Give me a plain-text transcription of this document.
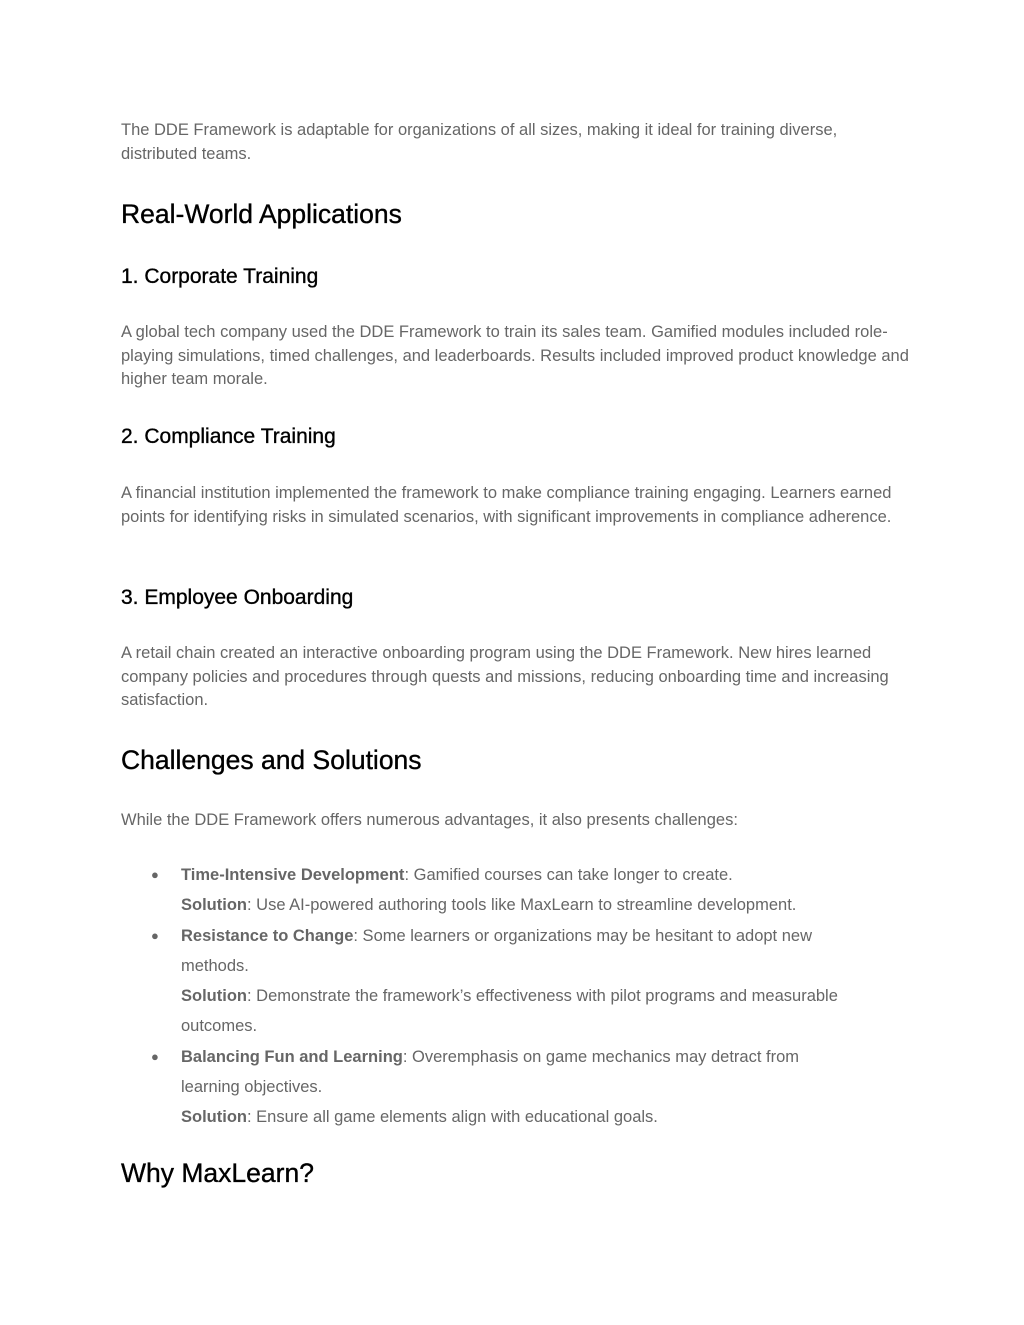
The DDE Framework is adaptable for organizations of all sizes, making it ideal for training diverse, distributed teams.

Real-World Applications
1. Corporate Training

A global tech company used the DDE Framework to train its sales team. Gamified modules included role-playing simulations, timed challenges, and leaderboards. Results included improved product knowledge and higher team morale.

2. Compliance Training

A financial institution implemented the framework to make compliance training engaging. Learners earned points for identifying risks in simulated scenarios, with significant improvements in compliance adherence.

3. Employee Onboarding

A retail chain created an interactive onboarding program using the DDE Framework. New hires learned company policies and procedures through quests and missions, reducing onboarding time and increasing satisfaction.

Challenges and Solutions

While the DDE Framework offers numerous advantages, it also presents challenges:

● Time-Intensive Development: Gamified courses can take longer to create.
Solution: Use AI-powered authoring tools like MaxLearn to streamline development.
● Resistance to Change: Some learners or organizations may be hesitant to adopt new methods.
Solution: Demonstrate the framework’s effectiveness with pilot programs and measurable outcomes.
● Balancing Fun and Learning: Overemphasis on game mechanics may detract from learning objectives.
Solution: Ensure all game elements align with educational goals.
Why MaxLearn?
